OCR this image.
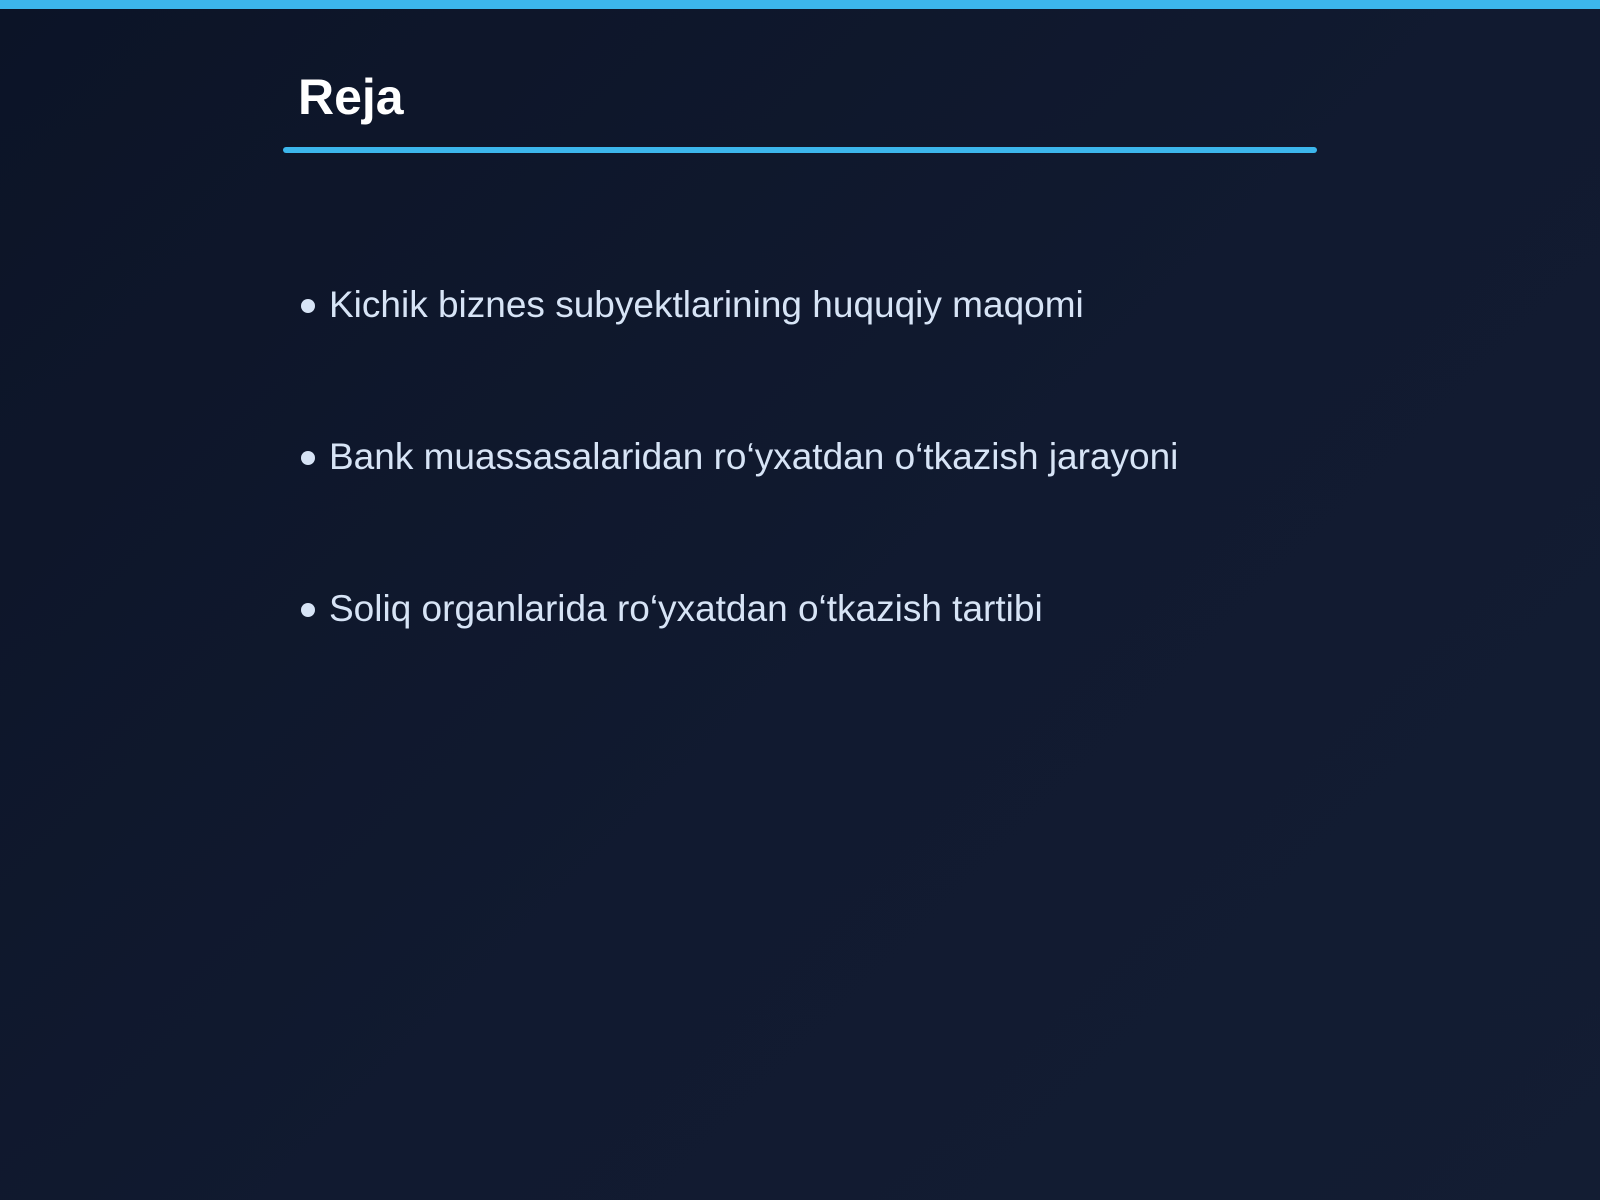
Reja
Kichik biznes subyektlarining huquqiy maqomi
Bank muassasalaridan ro‘yxatdan o‘tkazish jarayoni
Soliq organlarida ro‘yxatdan o‘tkazish tartibi
